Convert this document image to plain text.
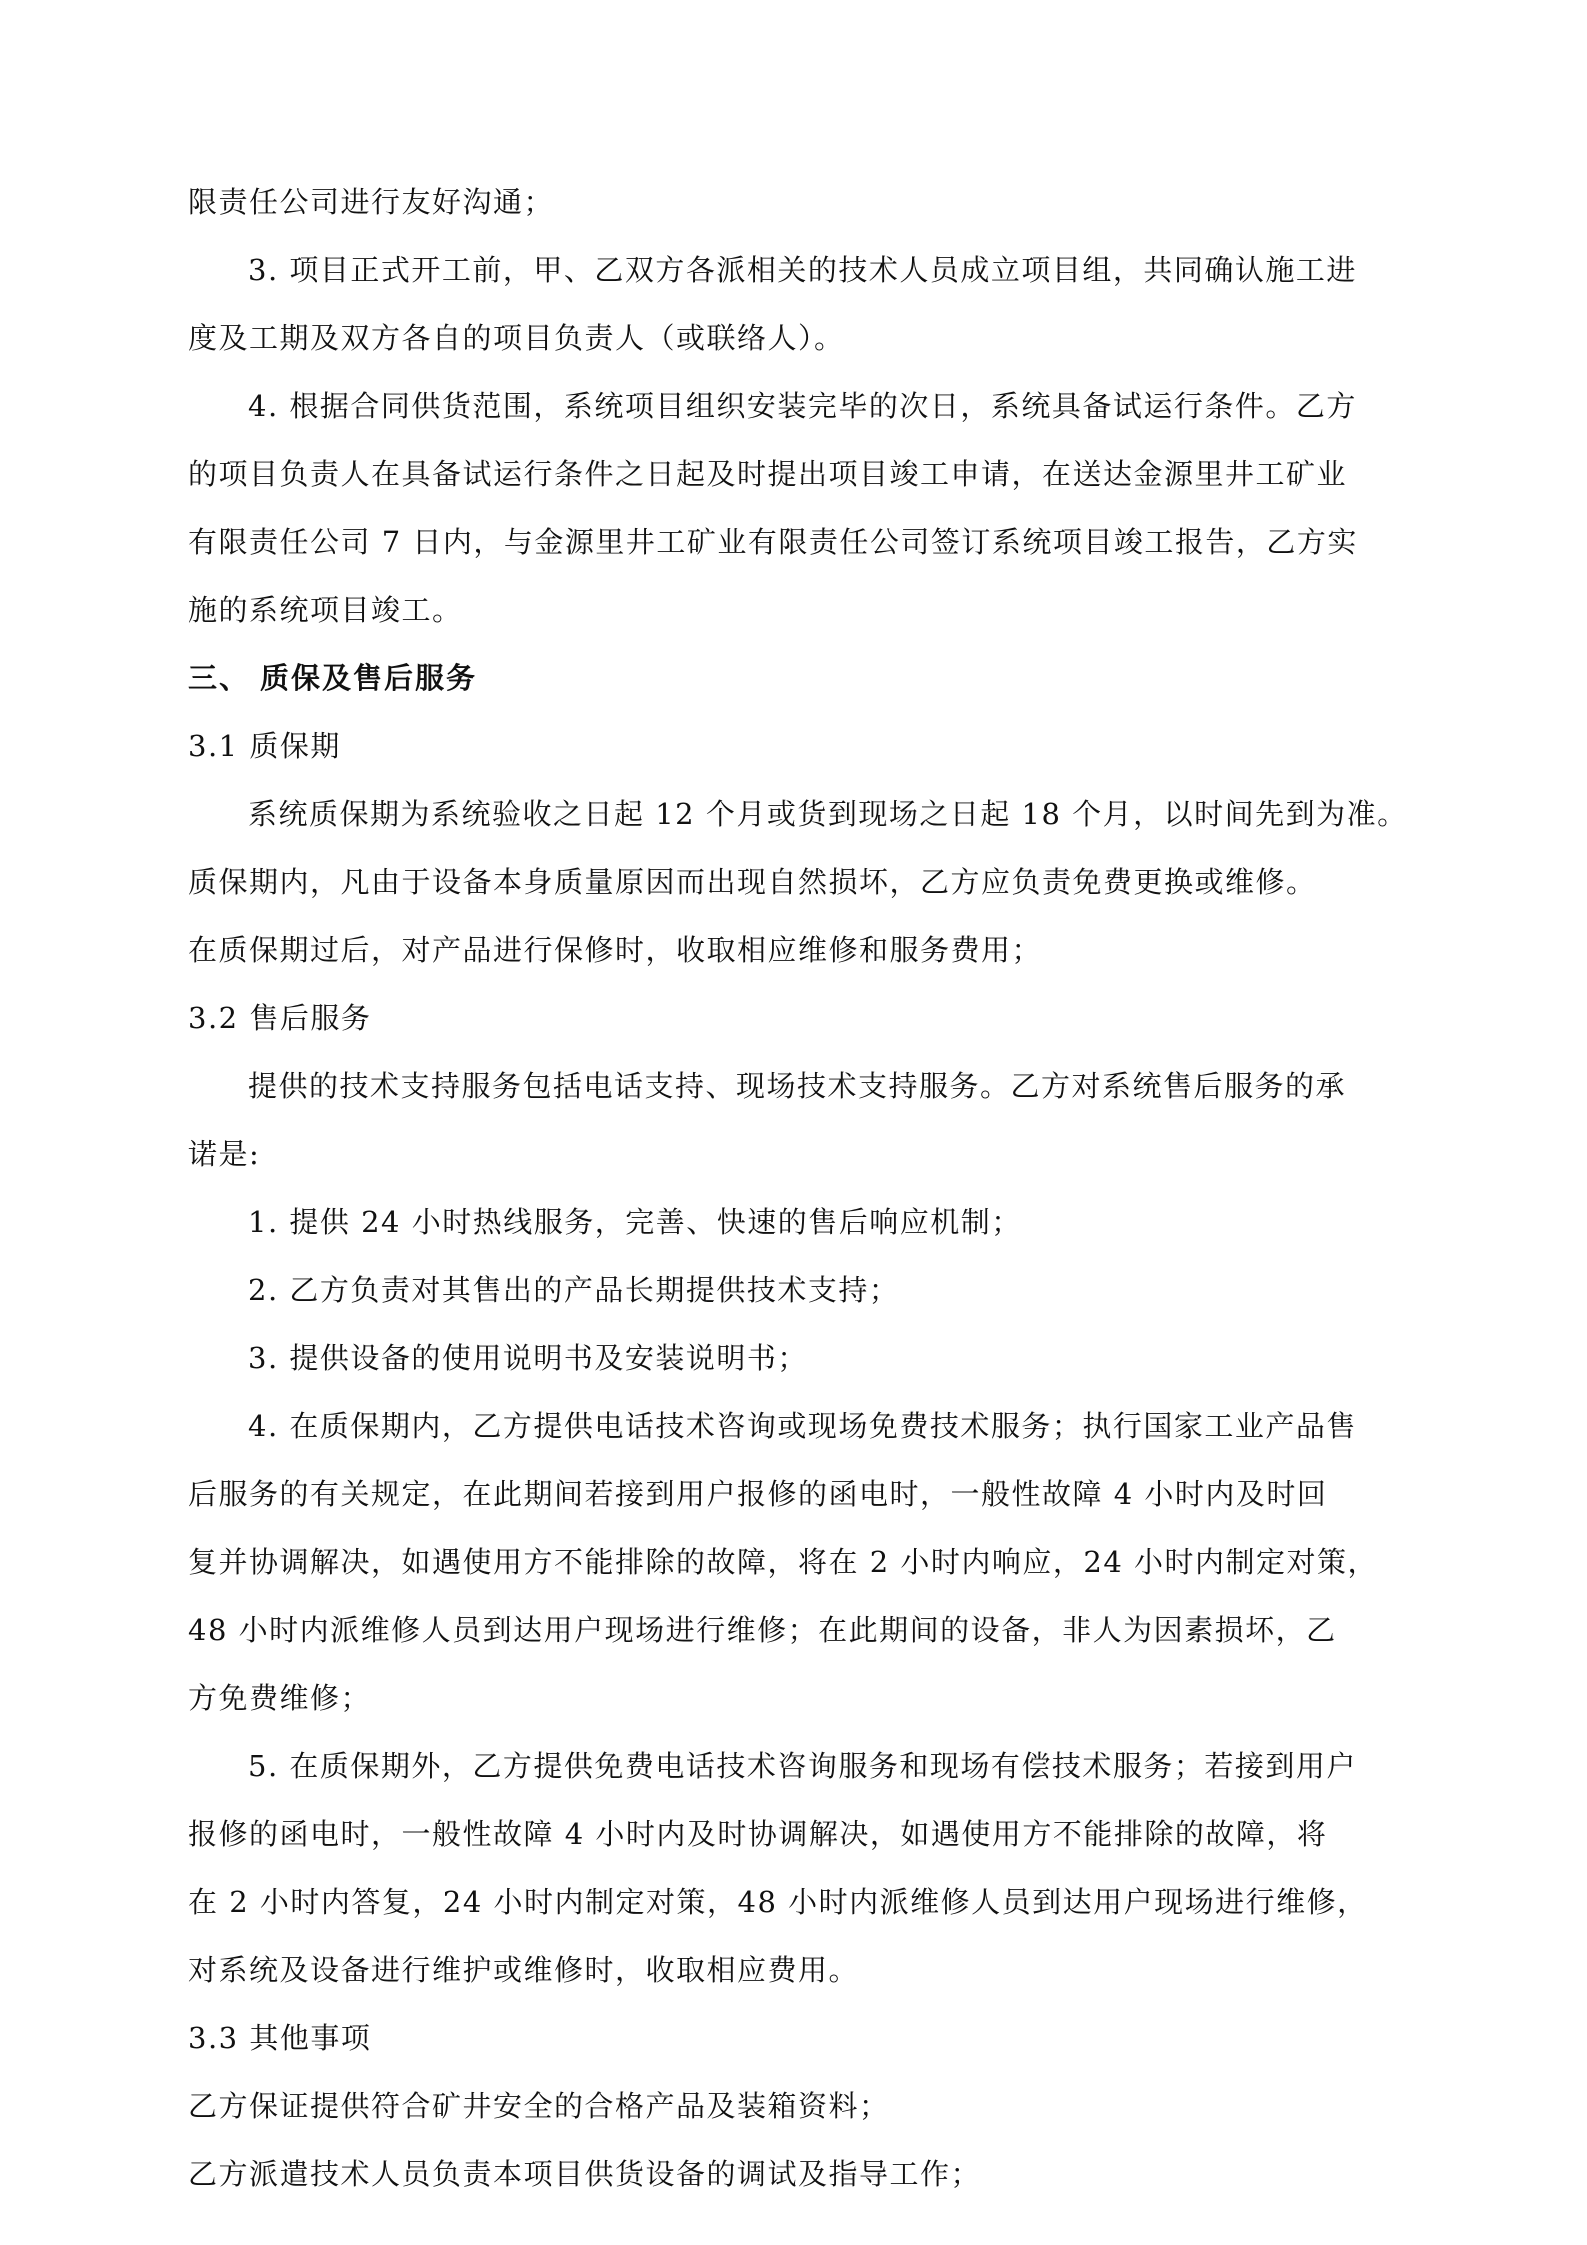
限责任公司进行友好沟通；
3. 项目正式开工前，甲、乙双方各派相关的技术人员成立项目组，共同确认施工进
度及工期及双方各自的项目负责人（或联络人）。
4. 根据合同供货范围，系统项目组织安装完毕的次日，系统具备试运行条件。乙方
的项目负责人在具备试运行条件之日起及时提出项目竣工申请，在送达金源里井工矿业
有限责任公司 7 日内，与金源里井工矿业有限责任公司签订系统项目竣工报告，乙方实
施的系统项目竣工。
三、 质保及售后服务
3.1 质保期
系统质保期为系统验收之日起 12 个月或货到现场之日起 18 个月，以时间先到为准。
质保期内，凡由于设备本身质量原因而出现自然损坏，乙方应负责免费更换或维修。
在质保期过后，对产品进行保修时，收取相应维修和服务费用；
3.2 售后服务
提供的技术支持服务包括电话支持、现场技术支持服务。乙方对系统售后服务的承
诺是:
1. 提供 24 小时热线服务，完善、快速的售后响应机制；
2. 乙方负责对其售出的产品长期提供技术支持；
3. 提供设备的使用说明书及安装说明书；
4. 在质保期内，乙方提供电话技术咨询或现场免费技术服务；执行国家工业产品售
后服务的有关规定，在此期间若接到用户报修的函电时，一般性故障 4 小时内及时回
复并协调解决，如遇使用方不能排除的故障，将在 2 小时内响应，24 小时内制定对策，
48 小时内派维修人员到达用户现场进行维修；在此期间的设备，非人为因素损坏，乙
方免费维修；
5. 在质保期外，乙方提供免费电话技术咨询服务和现场有偿技术服务；若接到用户
报修的函电时，一般性故障 4 小时内及时协调解决，如遇使用方不能排除的故障，将
在 2 小时内答复，24 小时内制定对策，48 小时内派维修人员到达用户现场进行维修，
对系统及设备进行维护或维修时，收取相应费用。
3.3 其他事项
乙方保证提供符合矿井安全的合格产品及装箱资料；
乙方派遣技术人员负责本项目供货设备的调试及指导工作；
